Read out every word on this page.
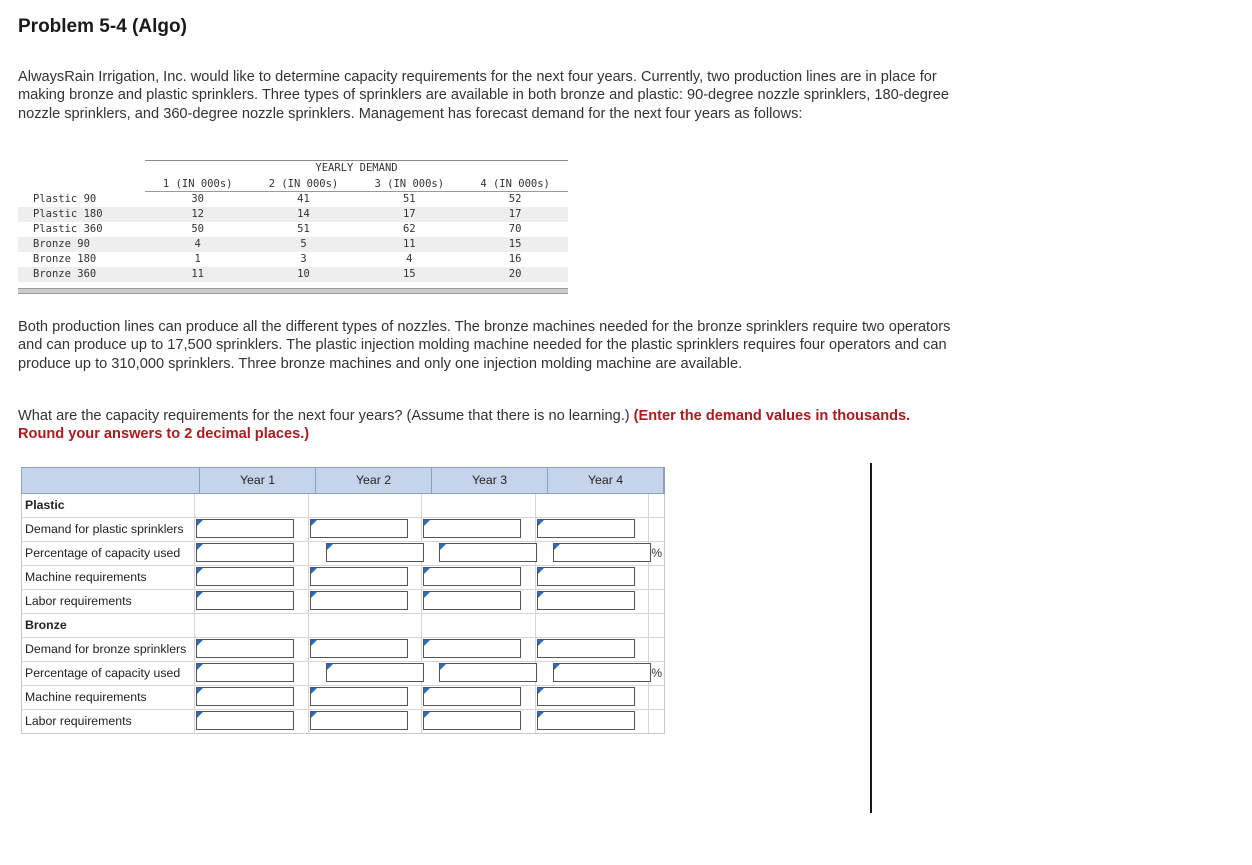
Problem 5-4 (Algo)

AlwaysRain Irrigation, Inc. would like to determine capacity requirements for the next four years. Currently, two production lines are in place for making bronze and plastic sprinklers. Three types of sprinklers are available in both bronze and plastic: 90-degree nozzle sprinklers, 180-degree nozzle sprinklers, and 360-degree nozzle sprinklers. Management has forecast demand for the next four years as follows:

YEARLY DEMAND
1 (IN 000s)	2 (IN 000s)	3 (IN 000s)	4 (IN 000s)
Plastic 90	30	41	51	52
Plastic 180	12	14	17	17
Plastic 360	50	51	62	70
Bronze 90	4	5	11	15
Bronze 180	1	3	4	16
Bronze 360	11	10	15	20

Both production lines can produce all the different types of nozzles. The bronze machines needed for the bronze sprinklers require two operators and can produce up to 17,500 sprinklers. The plastic injection molding machine needed for the plastic sprinklers requires four operators and can produce up to 310,000 sprinklers. Three bronze machines and only one injection molding machine are available.

What are the capacity requirements for the next four years? (Assume that there is no learning.) (Enter the demand values in thousands. Round your answers to 2 decimal places.)

Year 1	Year 2	Year 3	Year 4
Plastic
Demand for plastic sprinklers
Percentage of capacity used	%
Machine requirements
Labor requirements
Bronze
Demand for bronze sprinklers
Percentage of capacity used	%
Machine requirements
Labor requirements
